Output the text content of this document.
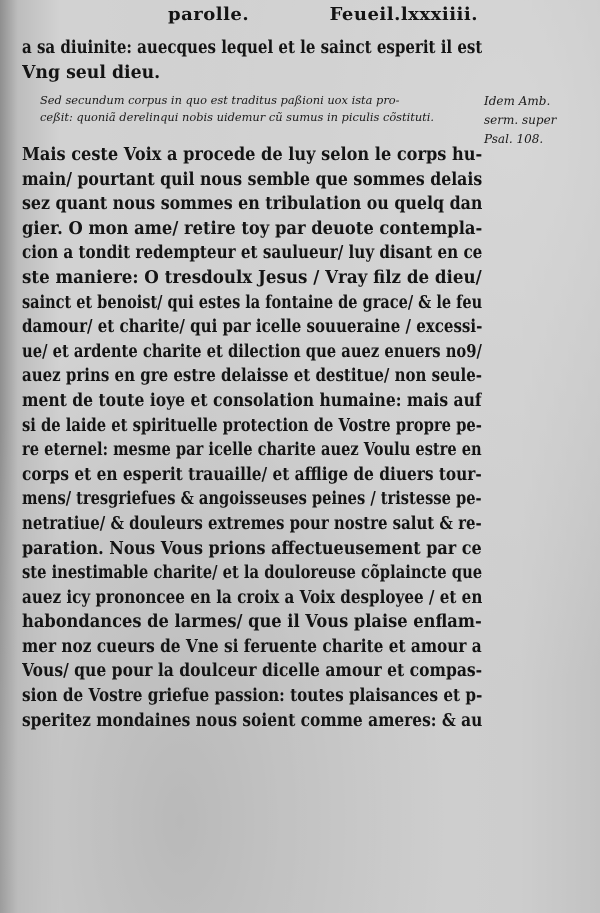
parolle.	Feueil.lxxxiiii.
a sa diuinite: auecques lequel et le sainct esperit il est
Vng seul dieu.
Sed secundum corpus in quo est traditus paßioni uox ista pro-
ceßit: quoniã derelinqui nobis uidemur cũ sumus in piculis cõstituti.
Idem Amb.
serm. super
Psal. 108.
Mais ceste Voix a procede de luy selon le corps hu-
main/ pourtant quil nous semble que sommes delais
sez quant nous sommes en tribulation ou quelq dan
gier. O mon ame/ retire toy par deuote contempla-
cion a tondit redempteur et saulueur/ luy disant en ce
ste maniere: O tresdoulx Jesus / Vray filz de dieu/
sainct et benoist/ qui estes la fontaine de grace/ & le feu
damour/ et charite/ qui par icelle souueraine / excessi-
ue/ et ardente charite et dilection que auez enuers no9/
auez prins en gre estre delaisse et destitue/ non seule-
ment de toute ioye et consolation humaine: mais auf
si de laide et spirituelle protection de Vostre propre pe-
re eternel: mesme par icelle charite auez Voulu estre en
corps et en esperit trauaille/ et afflige de diuers tour-
mens/ tresgriefues & angoisseuses peines / tristesse pe-
netratiue/ & douleurs extremes pour nostre salut & re-
paration. Nous Vous prions affectueusement par ce
ste inestimable charite/ et la douloreuse cõplaincte que
auez icy prononcee en la croix a Voix desployee / et en
habondances de larmes/ que il Vous plaise enflam-
mer noz cueurs de Vne si feruente charite et amour a
Vous/ que pour la doulceur dicelle amour et compas-
sion de Vostre griefue passion: toutes plaisances et p-
speritez mondaines nous soient comme ameres: & au
